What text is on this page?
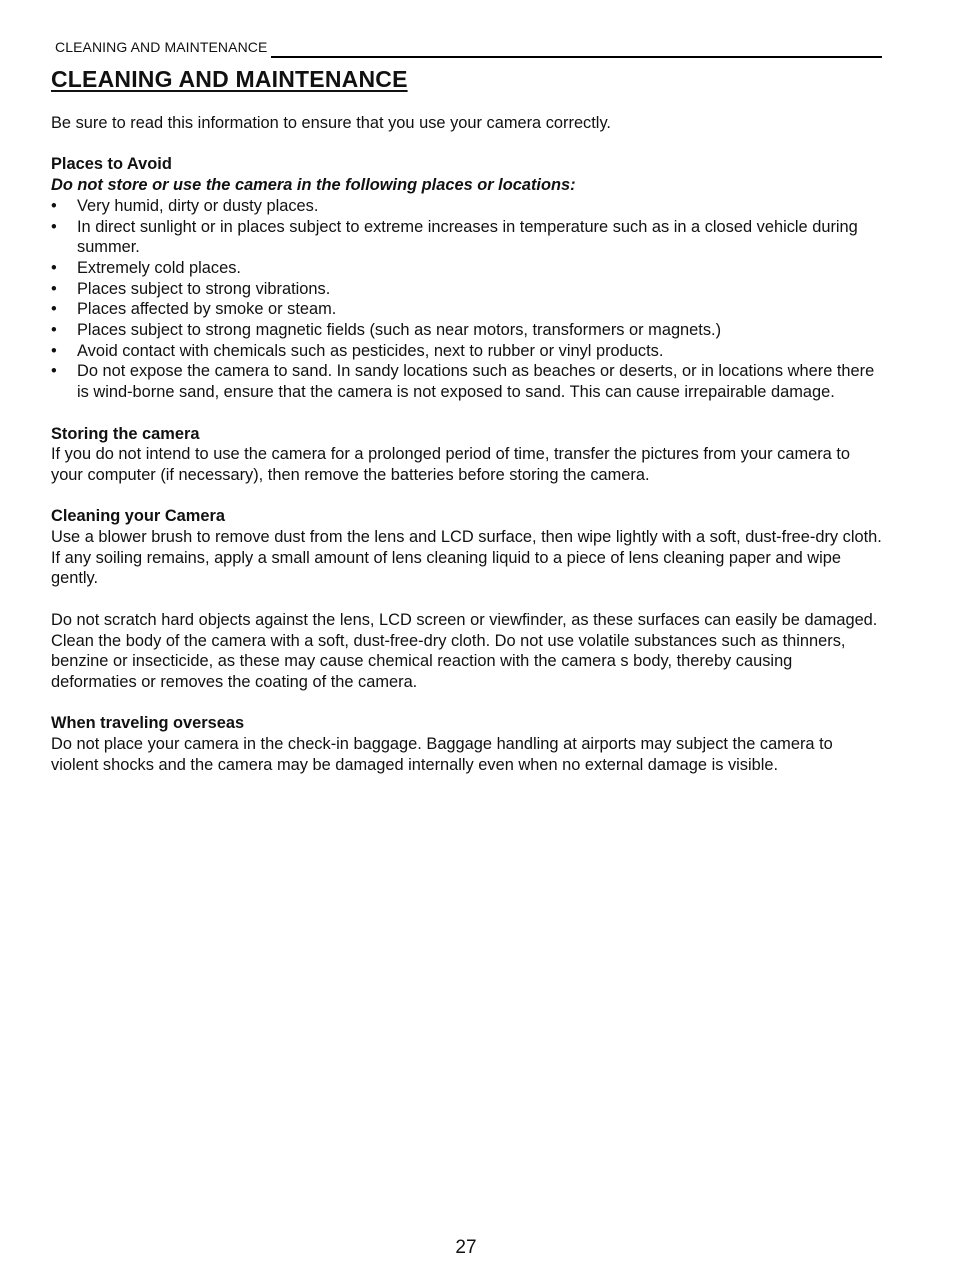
CLEANING AND MAINTENANCE
CLEANING AND MAINTENANCE

Be sure to read this information to ensure that you use your camera correctly.

Places to Avoid

Do not store or use the camera in the following places or locations:

• Very humid, dirty or dusty places.
• In direct sunlight or in places subject to extreme increases in temperature such as in a closed vehicle during summer.
• Extremely cold places.
• Places subject to strong vibrations.
• Places affected by smoke or steam.
• Places subject to strong magnetic fields (such as near motors, transformers or magnets.)
• Avoid contact with chemicals such as pesticides, next to rubber or vinyl products.
• Do not expose the camera to sand. In sandy locations such as beaches or deserts, or in locations where there is wind-borne sand, ensure that the camera is not exposed to sand. This can cause irrepairable damage.

Storing the camera

If you do not intend to use the camera for a prolonged period of time, transfer the pictures from your camera to your computer (if necessary), then remove the batteries before storing the camera.

Cleaning your Camera

Use a blower brush to remove dust from the lens and LCD surface, then wipe lightly with a soft, dust-free-dry cloth. If any soiling remains, apply a small amount of lens cleaning liquid to a piece of lens cleaning paper and wipe gently.

Do not scratch hard objects against the lens, LCD screen or viewfinder, as these surfaces can easily be damaged. Clean the body of the camera with a soft, dust-free-dry cloth. Do not use volatile substances such as thinners, benzine or insecticide, as these may cause chemical reaction with the camera s body, thereby causing deformaties or removes the coating of the camera.

When traveling overseas

Do not place your camera in the check-in baggage. Baggage handling at airports may subject the camera to violent shocks and the camera may be damaged internally even when no external damage is visible.

27
